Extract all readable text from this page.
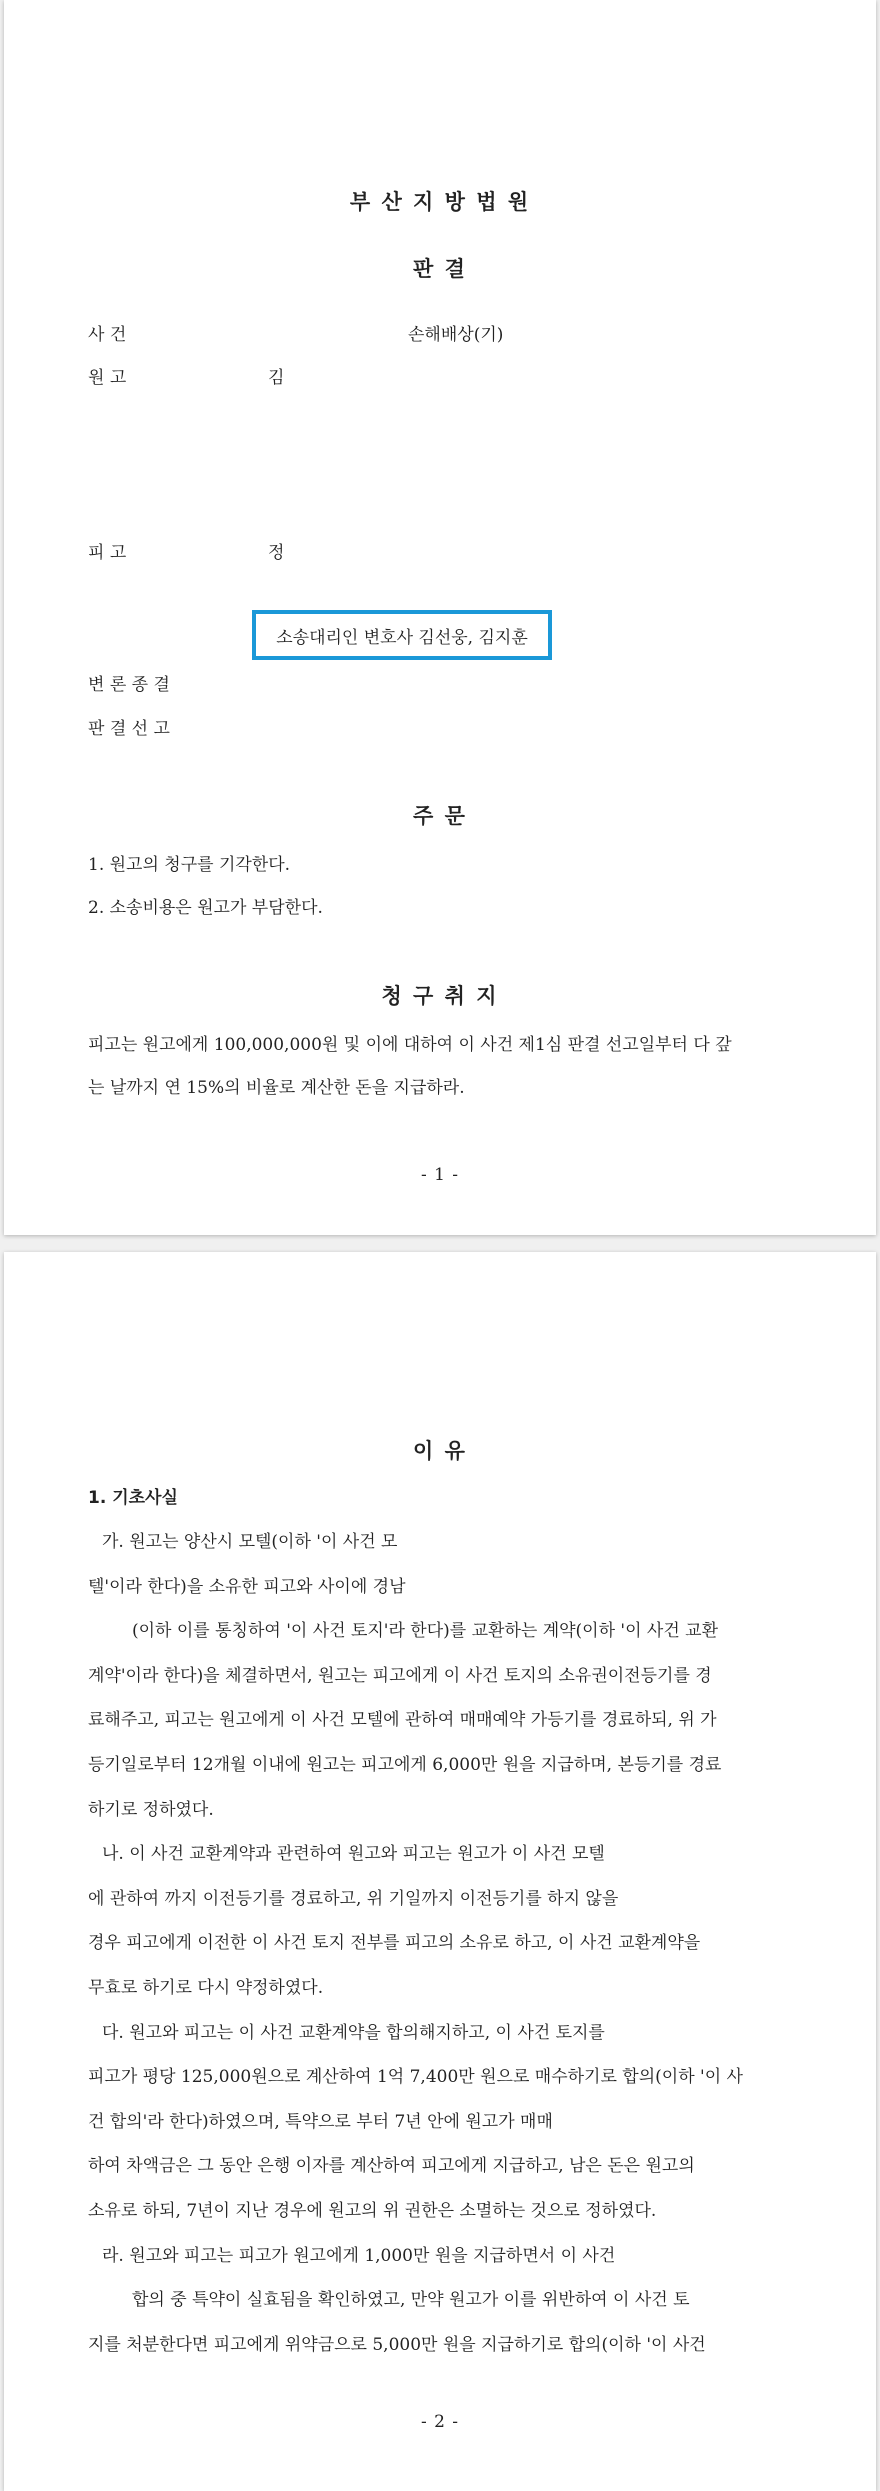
부 산 지 방 법 원
판 결
사 건	손해배상(기)
원 고	김
피 고	정
소송대리인 변호사 김선웅, 김지훈
변 론 종 결
판 결 선 고
주 문
1. 원고의 청구를 기각한다.
2. 소송비용은 원고가 부담한다.
청 구 취 지
피고는 원고에게 100,000,000원 및 이에 대하여 이 사건 제1심 판결 선고일부터 다 갚
는 날까지 연 15%의 비율로 계산한 돈을 지급하라.
- 1 -
이 유
1. 기초사실
가. 원고는 양산시 모텔(이하 '이 사건 모
텔'이라 한다)을 소유한 피고와 사이에 경남
(이하 이를 통칭하여 '이 사건 토지'라 한다)를 교환하는 계약(이하 '이 사건 교환
계약'이라 한다)을 체결하면서, 원고는 피고에게 이 사건 토지의 소유권이전등기를 경
료해주고, 피고는 원고에게 이 사건 모텔에 관하여 매매예약 가등기를 경료하되, 위 가
등기일로부터 12개월 이내에 원고는 피고에게 6,000만 원을 지급하며, 본등기를 경료
하기로 정하였다.
나. 이 사건 교환계약과 관련하여 원고와 피고는 원고가 이 사건 모텔
에 관하여 까지 이전등기를 경료하고, 위 기일까지 이전등기를 하지 않을
경우 피고에게 이전한 이 사건 토지 전부를 피고의 소유로 하고, 이 사건 교환계약을
무효로 하기로 다시 약정하였다.
다. 원고와 피고는 이 사건 교환계약을 합의해지하고, 이 사건 토지를
피고가 평당 125,000원으로 계산하여 1억 7,400만 원으로 매수하기로 합의(이하 '이 사
건 합의'라 한다)하였으며, 특약으로 부터 7년 안에 원고가 매매
하여 차액금은 그 동안 은행 이자를 계산하여 피고에게 지급하고, 남은 돈은 원고의
소유로 하되, 7년이 지난 경우에 원고의 위 권한은 소멸하는 것으로 정하였다.
라. 원고와 피고는 피고가 원고에게 1,000만 원을 지급하면서 이 사건
합의 중 특약이 실효됨을 확인하였고, 만약 원고가 이를 위반하여 이 사건 토
지를 처분한다면 피고에게 위약금으로 5,000만 원을 지급하기로 합의(이하 '이 사건
- 2 -
